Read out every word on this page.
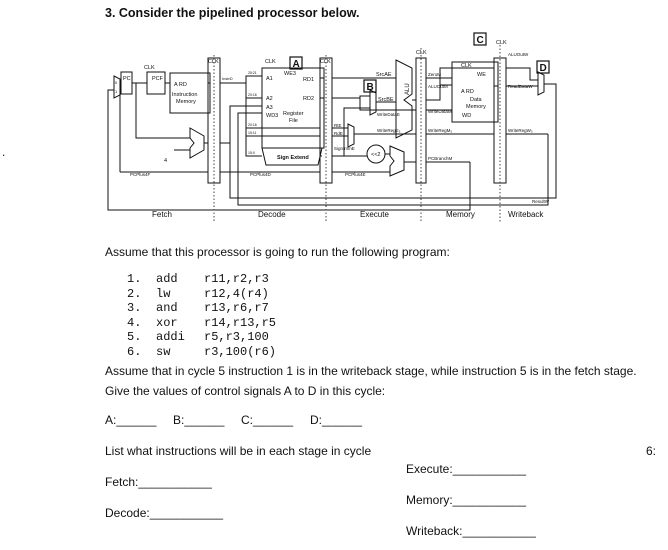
3. Consider the pipelined processor below.
.
PC	PCF
A RD
Instruction
Memory
InstrD
25:21
20:16
20:16
15:11
15:0
A1
A2
A3
WD3
WE3
RD1
RD2
Register
File
Sign Extend
SrcAE
SrcBE
WriteDataE
WriteRegE₅
SignImmE
<<2
RtE
RdE
ALU
ZeroM
ALUOutM
WriteDataM
WriteRegM₅
PCBranchM
WE
A RD
Data
Memory
WD
ReadDataW
ALUOutW
WriteRegW₅
ResultW
PCPlus4F	PCPlus4D	PCPlus4E
4
0
1
CLK
CLK	CLK	CLK
CLK
CLK
CLK
A
B
C
D
Fetch	Decode	Execute	Memory	Writeback
Assume that this processor is going to run the following program:
1. add r11,r2,r3
2. lw	r12,4(r4)
3. and r13,r6,r7
4. xor r14,r13,r5
5. addi r5,r3,100
6. sw	r3,100(r6)
Assume that in cycle 5 instruction 1 is in the writeback stage, while instruction 5 is in the fetch stage.
Give the values of control signals A to D in this cycle:
A:______ B:______ C:______ D:______
List what instructions will be in each stage in cycle	6:
Execute:___________
Fetch:___________
Memory:___________
Decode:___________
Writeback:___________
